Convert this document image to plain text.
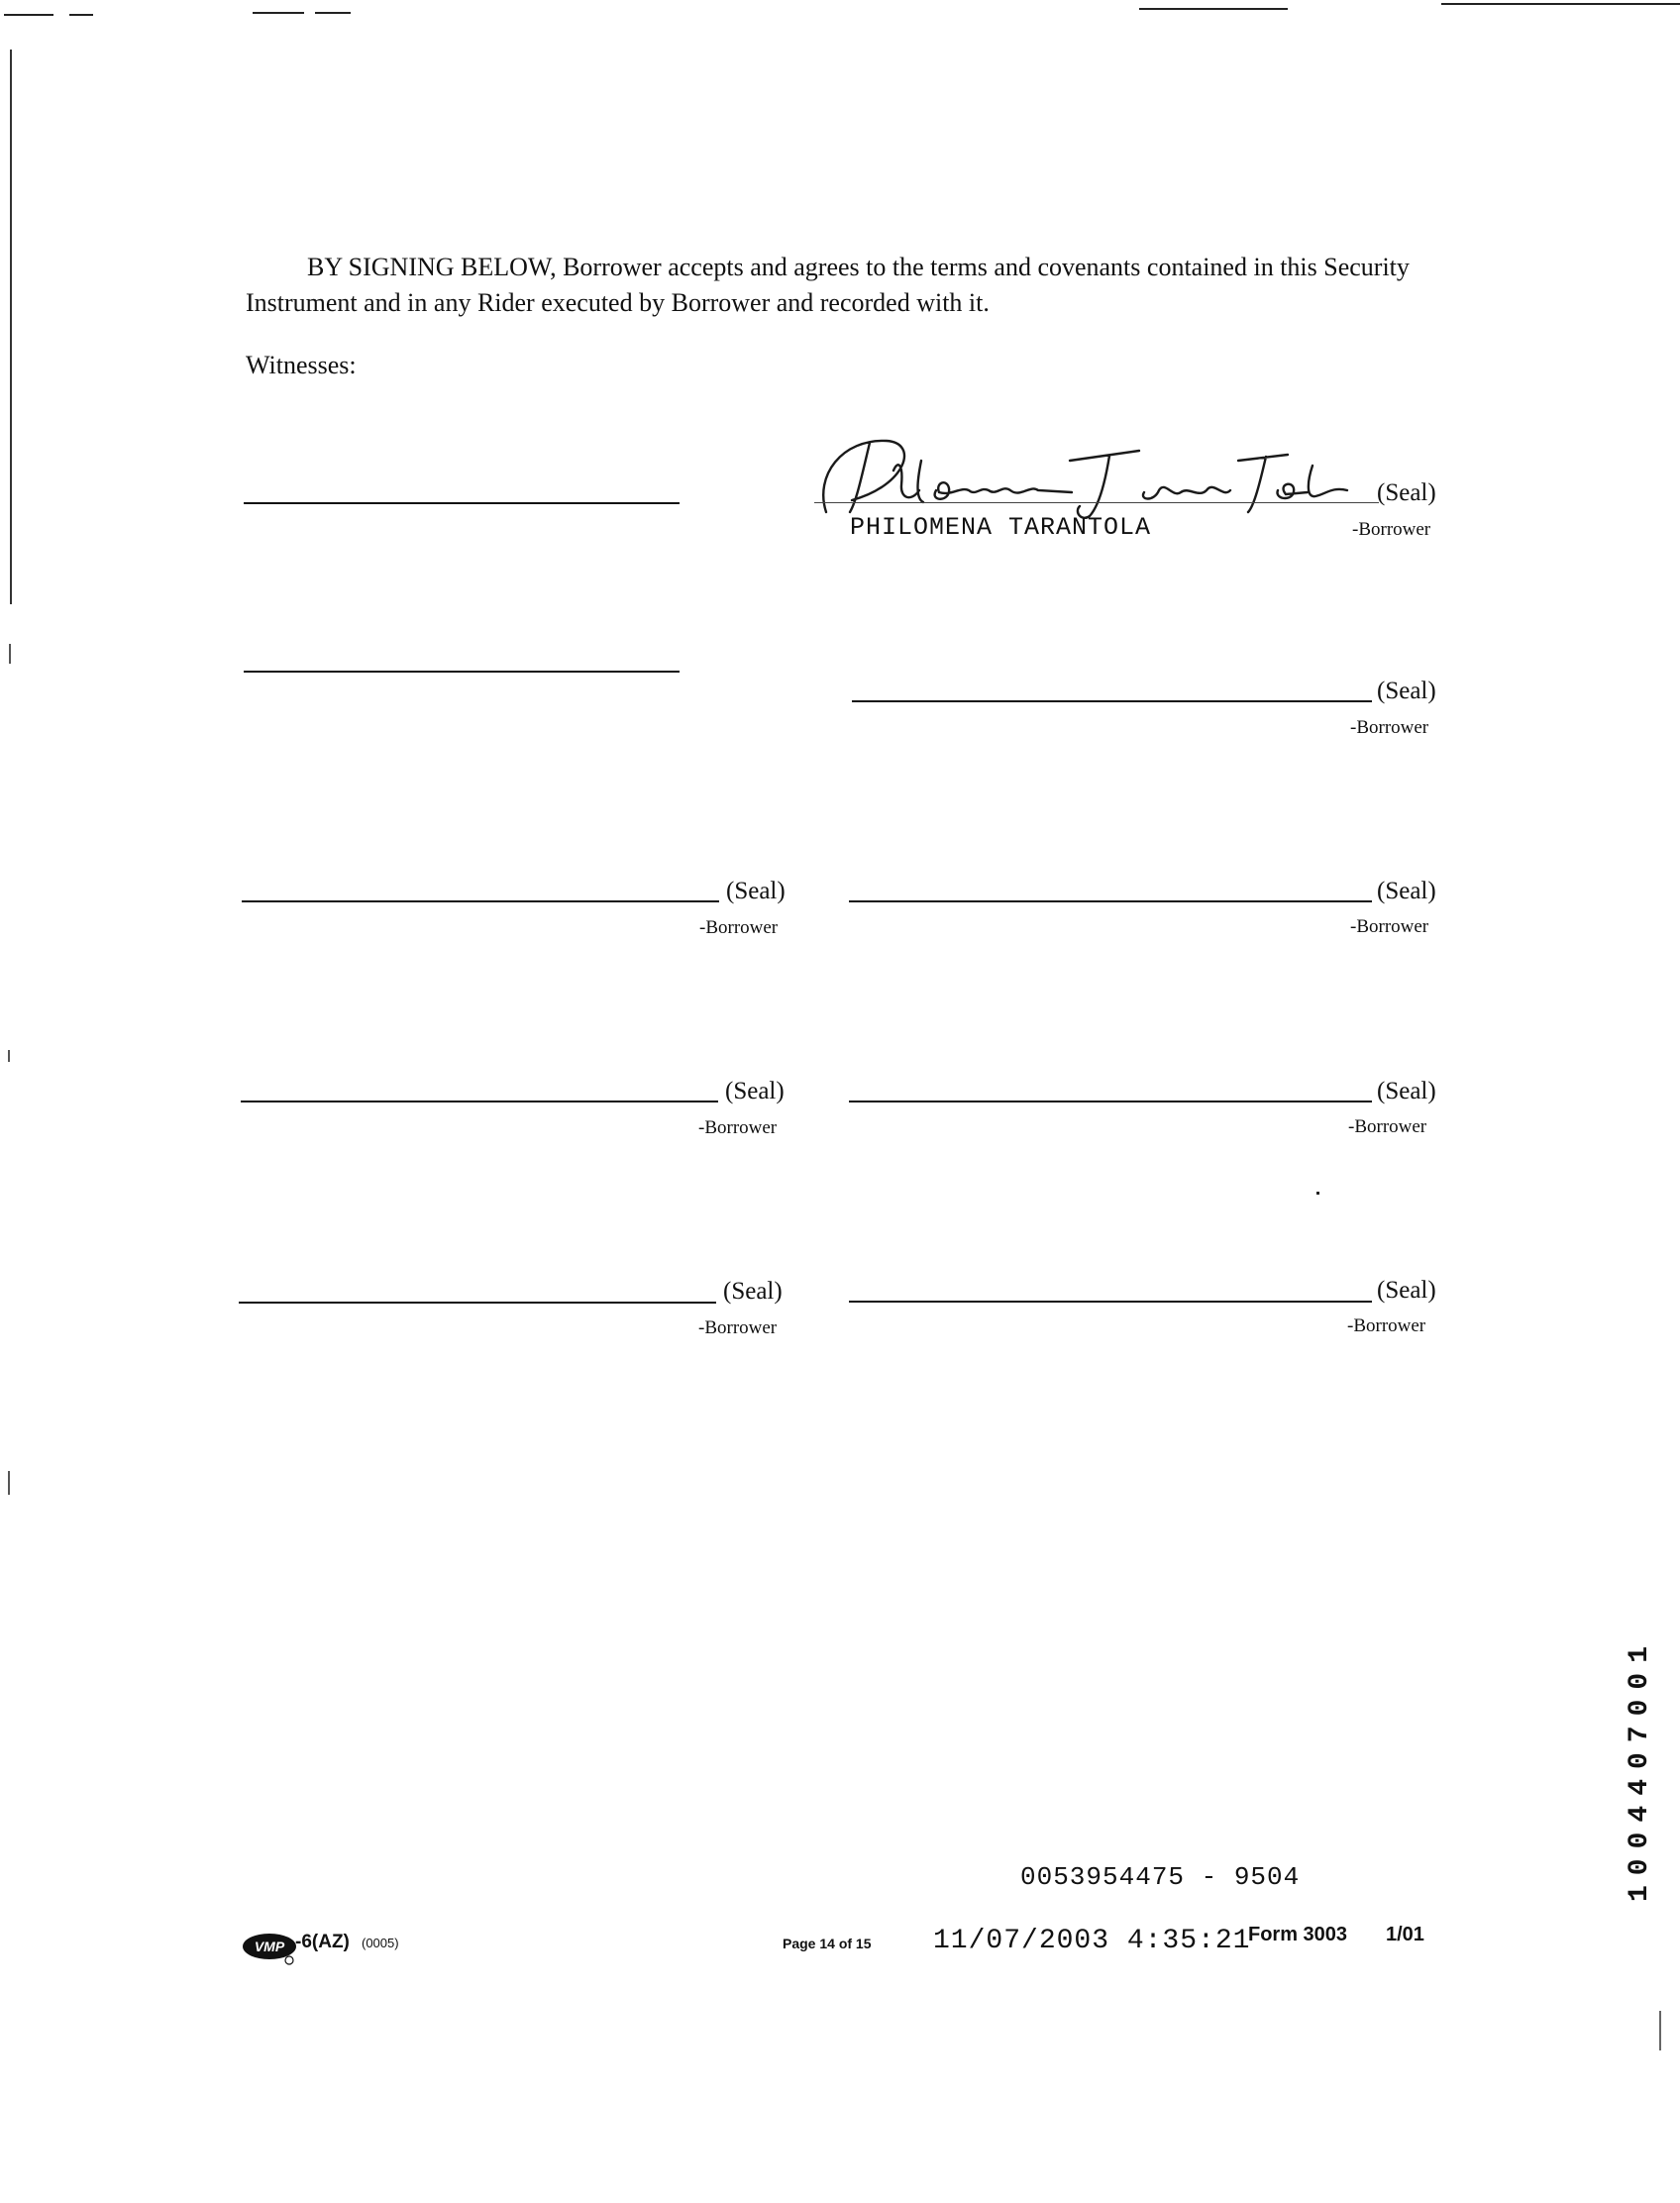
BY SIGNING BELOW, Borrower accepts and agrees to the terms and covenants contained in this Security Instrument and in any Rider executed by Borrower and recorded with it.
Witnesses:
(Seal)
PHILOMENA TARANTOLA	-Borrower
(Seal)
-Borrower
(Seal)
-Borrower
(Seal)
-Borrower
(Seal)
-Borrower
(Seal)
-Borrower
(Seal)
-Borrower
(Seal)
-Borrower
1004407001
0053954475 - 9504
VMP -6(AZ) (0005)	Page 14 of 15 11/07/2003 4:35:21
Form 3003 1/01
